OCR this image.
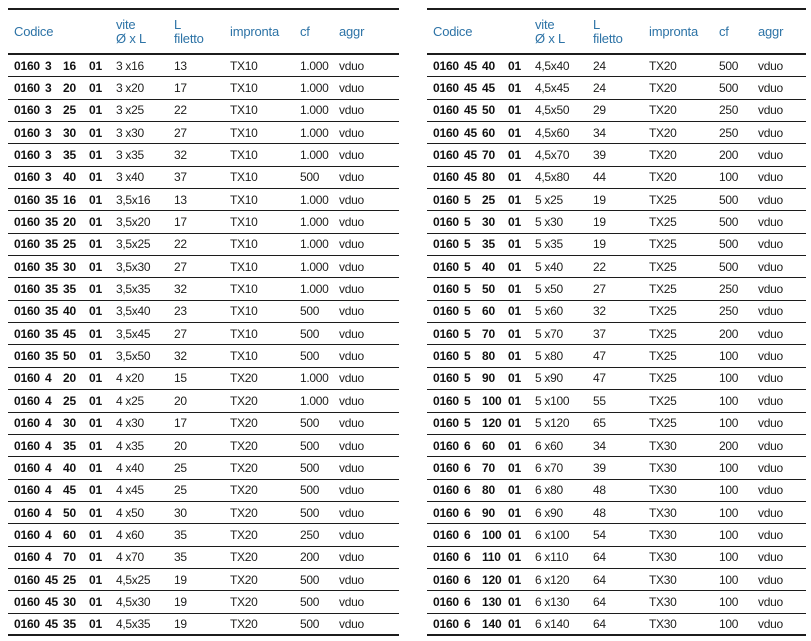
Codice	vite
Ø x L
L
filetto	impronta	cf	aggr
0160 3 16	01 3 x16	13	TX10	1.000 vduo
0160 3 20	01 3 x20	17	TX10	1.000 vduo
0160 3 25	01 3 x25	22	TX10	1.000 vduo
0160 3 30	01 3 x30	27	TX10	1.000 vduo
0160 3 35	01 3 x35	32	TX10	1.000 vduo
0160 3 40	01 3 x40	37	TX10	500	vduo
0160 35 16	01 3,5x16	13	TX10	1.000 vduo
0160 35 20	01 3,5x20	17	TX10	1.000 vduo
0160 35 25	01 3,5x25	22	TX10	1.000 vduo
0160 35 30	01 3,5x30	27	TX10	1.000 vduo
0160 35 35	01 3,5x35	32	TX10	1.000 vduo
0160 35 40	01 3,5x40	23	TX10	500	vduo
0160 35 45	01 3,5x45	27	TX10	500	vduo
0160 35 50	01 3,5x50	32	TX10	500	vduo
0160 4 20	01 4 x20	15	TX20	1.000 vduo
0160 4 25	01 4 x25	20	TX20	1.000 vduo
0160 4 30	01 4 x30	17	TX20	500	vduo
0160 4 35	01 4 x35	20	TX20	500	vduo
0160 4 40	01 4 x40	25	TX20	500	vduo
0160 4 45	01 4 x45	25	TX20	500	vduo
0160 4 50	01 4 x50	30	TX20	500	vduo
0160 4 60	01 4 x60	35	TX20	250	vduo
0160 4 70	01 4 x70	35	TX20	200	vduo
0160 45 25	01 4,5x25	19	TX20	500	vduo
0160 45 30	01 4,5x30	19	TX20	500	vduo
0160 45 35	01 4,5x35	19	TX20	500	vduo
Codice	vite
Ø x L
L
filetto	impronta	cf	aggr
0160 45 40	01 4,5x40	24	TX20	500	vduo
0160 45 45	01 4,5x45	24	TX20	500	vduo
0160 45 50	01 4,5x50	29	TX20	250	vduo
0160 45 60	01 4,5x60	34	TX20	250	vduo
0160 45 70	01 4,5x70	39	TX20	200	vduo
0160 45 80	01 4,5x80	44	TX20	100	vduo
0160 5 25	01 5 x25	19	TX25	500	vduo
0160 5 30	01 5 x30	19	TX25	500	vduo
0160 5 35	01 5 x35	19	TX25	500	vduo
0160 5 40	01 5 x40	22	TX25	500	vduo
0160 5 50	01 5 x50	27	TX25	250	vduo
0160 5 60	01 5 x60	32	TX25	250	vduo
0160 5 70	01 5 x70	37	TX25	200	vduo
0160 5 80	01 5 x80	47	TX25	100	vduo
0160 5 90	01 5 x90	47	TX25	100	vduo
0160 5 100 01 5 x100	55	TX25	100	vduo
0160 5 120 01 5 x120	65	TX25	100	vduo
0160 6 60	01 6 x60	34	TX30	200	vduo
0160 6 70	01 6 x70	39	TX30	100	vduo
0160 6 80	01 6 x80	48	TX30	100	vduo
0160 6 90	01 6 x90	48	TX30	100	vduo
0160 6 100 01 6 x100	54	TX30	100	vduo
0160 6 110 01 6 x110	64	TX30	100	vduo
0160 6 120 01 6 x120	64	TX30	100	vduo
0160 6 130 01 6 x130	64	TX30	100	vduo
0160 6 140 01 6 x140	64	TX30	100	vduo
